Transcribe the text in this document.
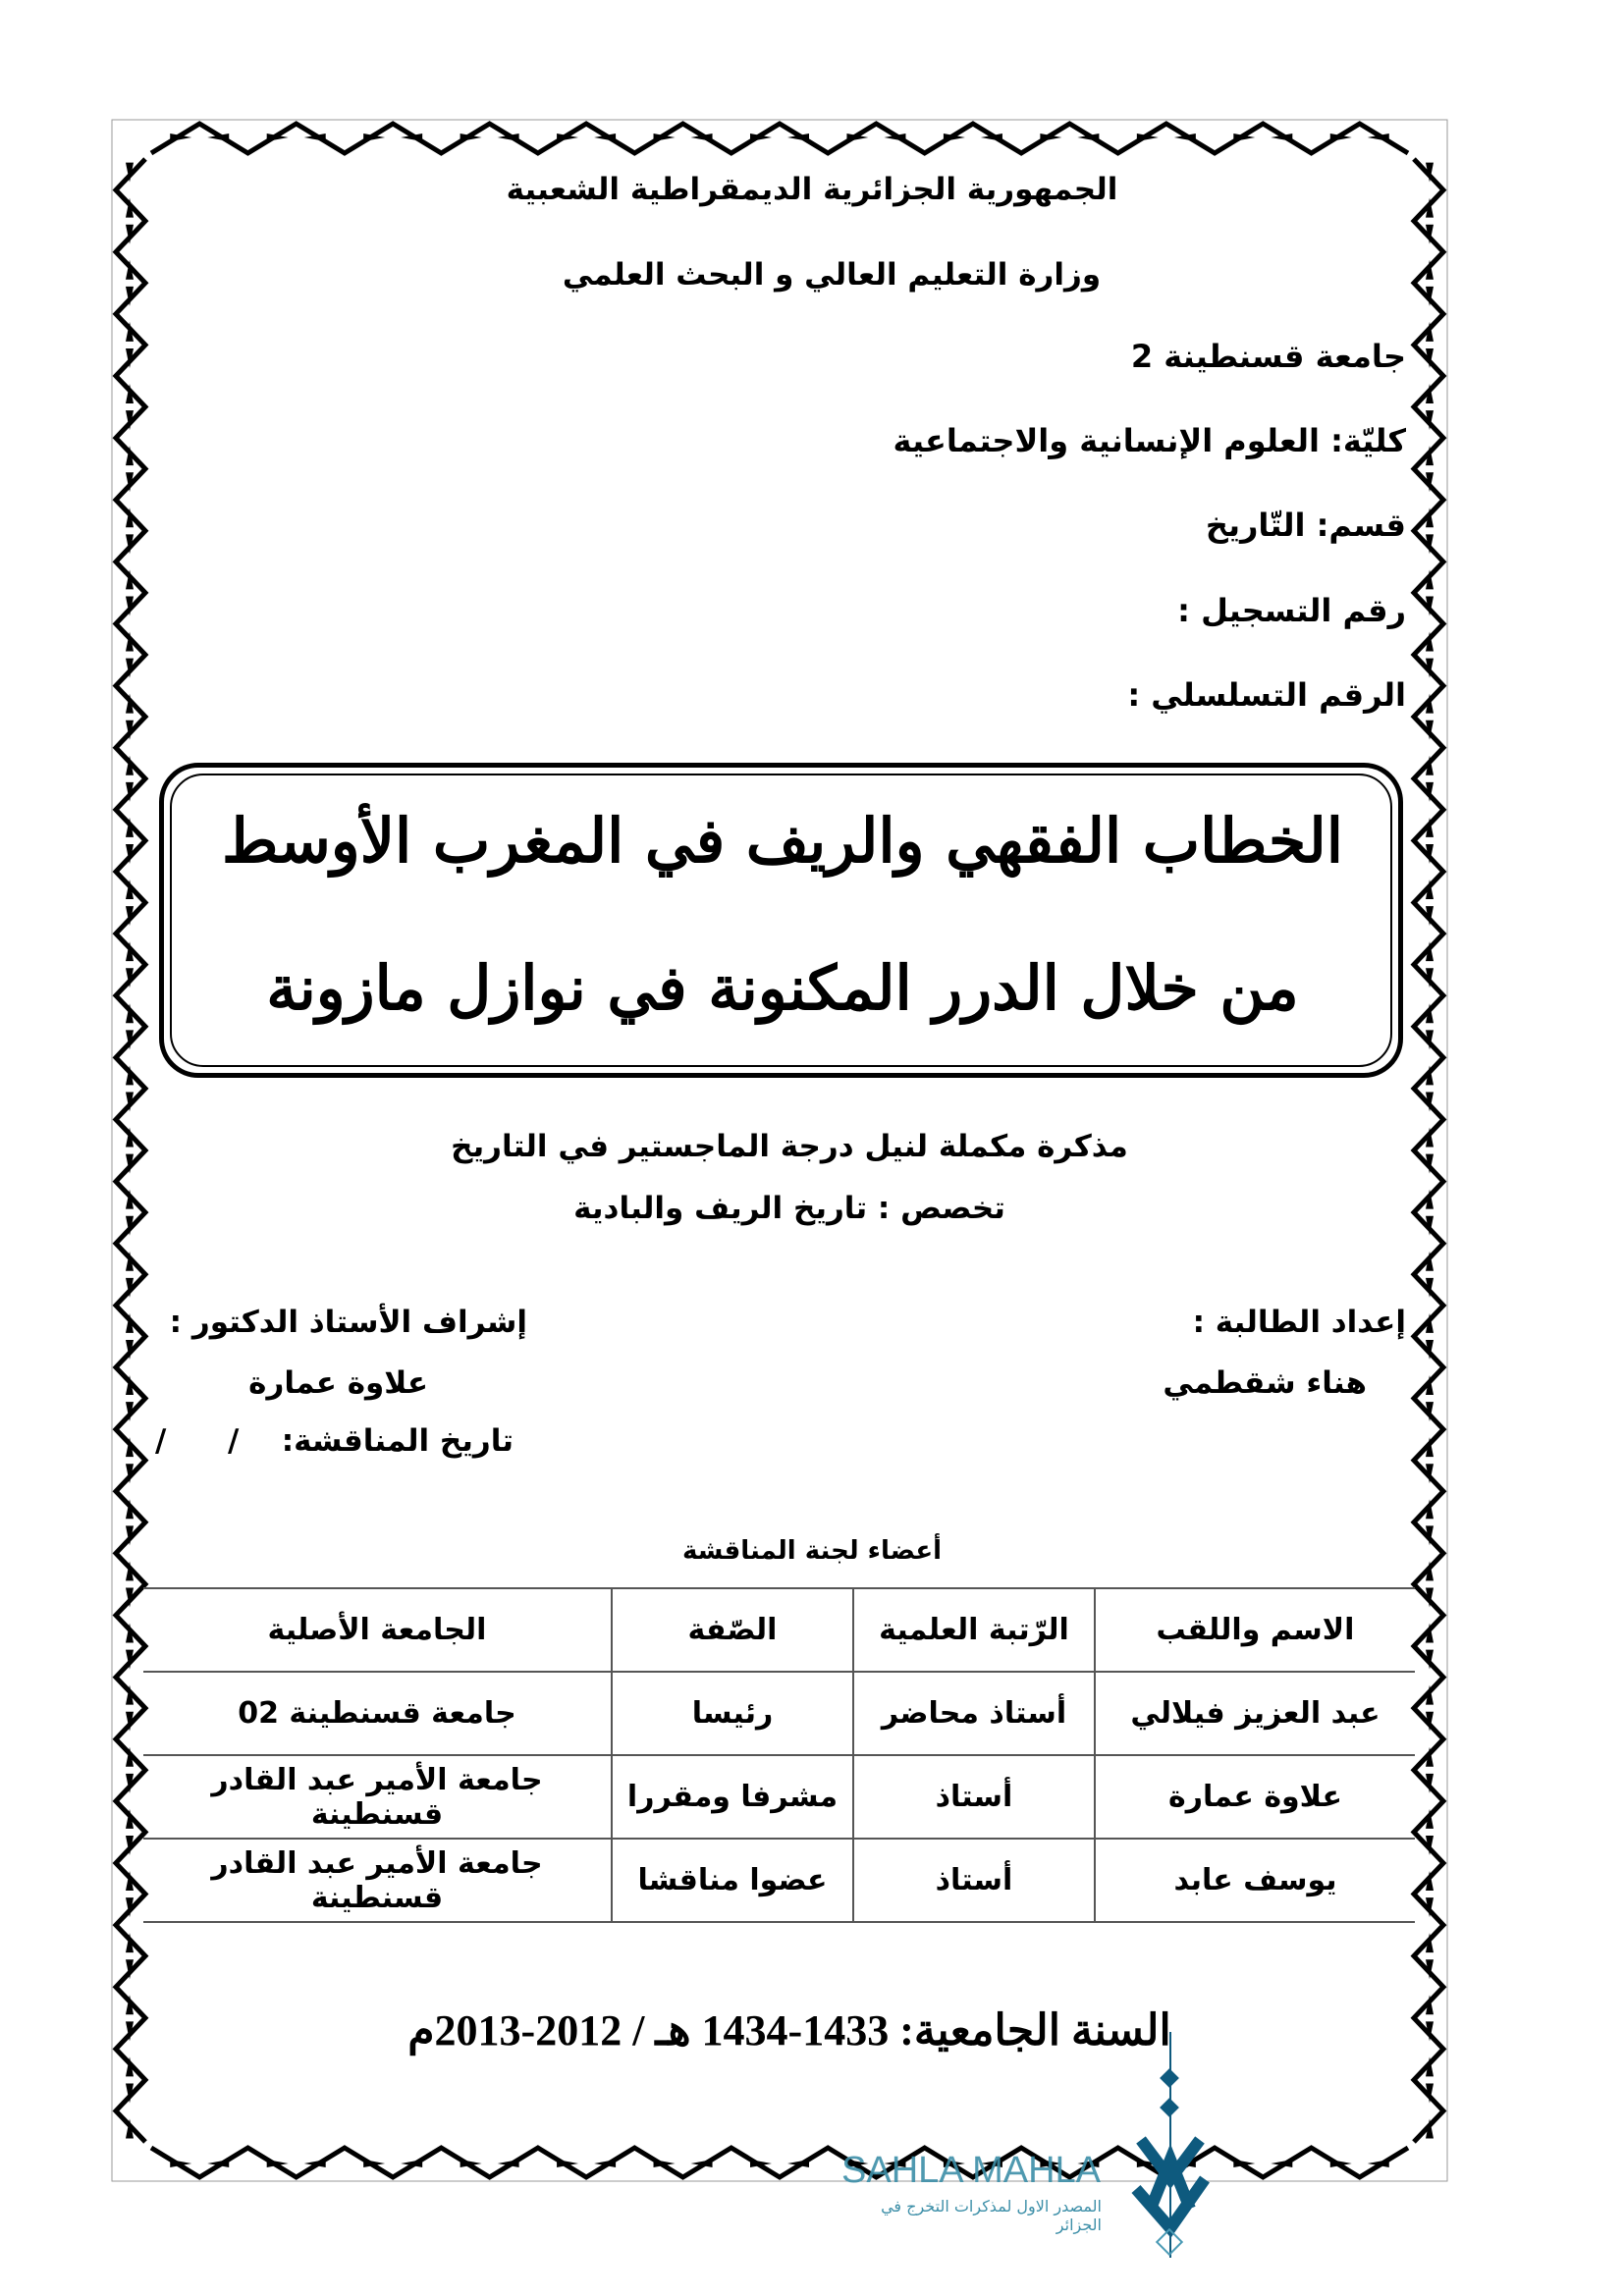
الجمهورية الجزائرية الديمقراطية الشعبية
وزارة التعليم العالي و البحث العلمي
جامعة قسنطينة 2
كليّة: العلوم الإنسانية والاجتماعية
قسم: التّاريخ
رقم التسجيل :
الرقم التسلسلي :
الخطاب الفقهي والريف في المغرب الأوسط
من خلال الدرر المكنونة في نوازل مازونة
مذكرة مكملة لنيل درجة الماجستير في التاريخ
تخصص : تاريخ الريف والبادية
إعداد الطالبة :
هناء شقطمي
إشراف الأستاذ الدكتور :
علاوة عمارة
تاريخ المناقشة:
/
/
أعضاء لجنة المناقشة
الاسم واللقب	الرّتبة العلمية	الصّفة	الجامعة الأصلية
عبد العزيز فيلالي	أستاذ محاضر	رئيسا	جامعة قسنطينة 02
علاوة عمارة	أستاذ	مشرفا ومقررا	جامعة الأمير عبد القادر قسنطينة
يوسف عابد	أستاذ	عضوا مناقشا	جامعة الأمير عبد القادر قسنطينة
السنة الجامعية: 1433-1434 هـ / 2012-2013م
SAHLA MAHLA
المصدر الاول لمذكرات التخرج في الجزائر
